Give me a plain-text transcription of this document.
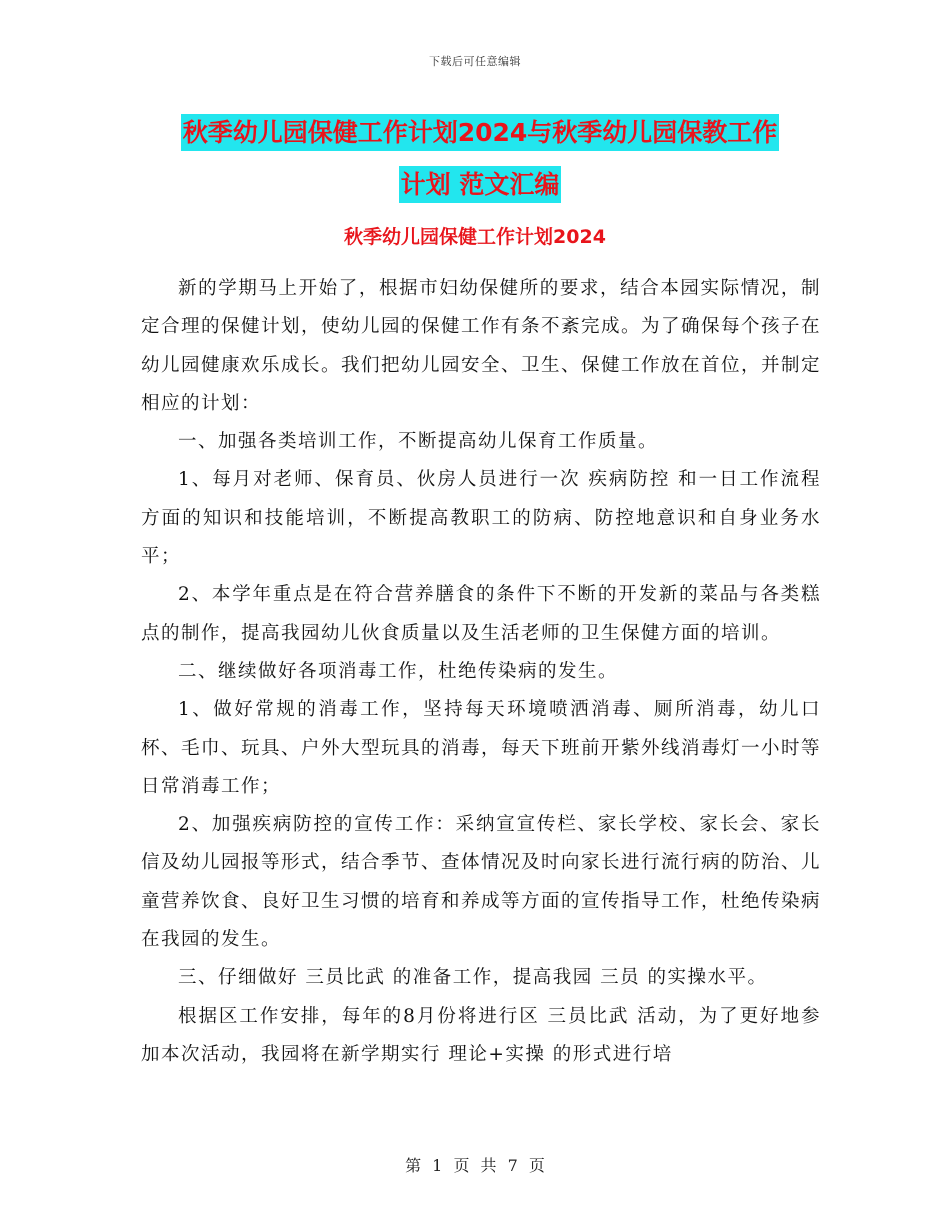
下载后可任意编辑
秋季幼儿园保健工作计划2024与秋季幼儿园保教工作
计划 范文汇编
秋季幼儿园保健工作计划2024

新的学期马上开始了，根据市妇幼保健所的要求，结合本园实际情况，制定合理的保健计划，使幼儿园的保健工作有条不紊完成。为了确保每个孩子在幼儿园健康欢乐成长。我们把幼儿园安全、卫生、保健工作放在首位，并制定相应的计划：

一、加强各类培训工作，不断提高幼儿保育工作质量。

1、每月对老师、保育员、伙房人员进行一次 疾病防控 和一日工作流程方面的知识和技能培训，不断提高教职工的防病、防控地意识和自身业务水平；

2、本学年重点是在符合营养膳食的条件下不断的开发新的菜品与各类糕点的制作，提高我园幼儿伙食质量以及生活老师的卫生保健方面的培训。

二、继续做好各项消毒工作，杜绝传染病的发生。

1、做好常规的消毒工作，坚持每天环境喷洒消毒、厕所消毒，幼儿口杯、毛巾、玩具、户外大型玩具的消毒，每天下班前开紫外线消毒灯一小时等日常消毒工作；

2、加强疾病防控的宣传工作：采纳宣宣传栏、家长学校、家长会、家长信及幼儿园报等形式，结合季节、查体情况及时向家长进行流行病的防治、儿童营养饮食、良好卫生习惯的培育和养成等方面的宣传指导工作，杜绝传染病在我园的发生。

三、仔细做好 三员比武 的准备工作，提高我园 三员 的实操水平。

根据区工作安排，每年的8月份将进行区 三员比武 活动，为了更好地参加本次活动，我园将在新学期实行 理论+实操 的形式进行培

第 1 页 共 7 页
